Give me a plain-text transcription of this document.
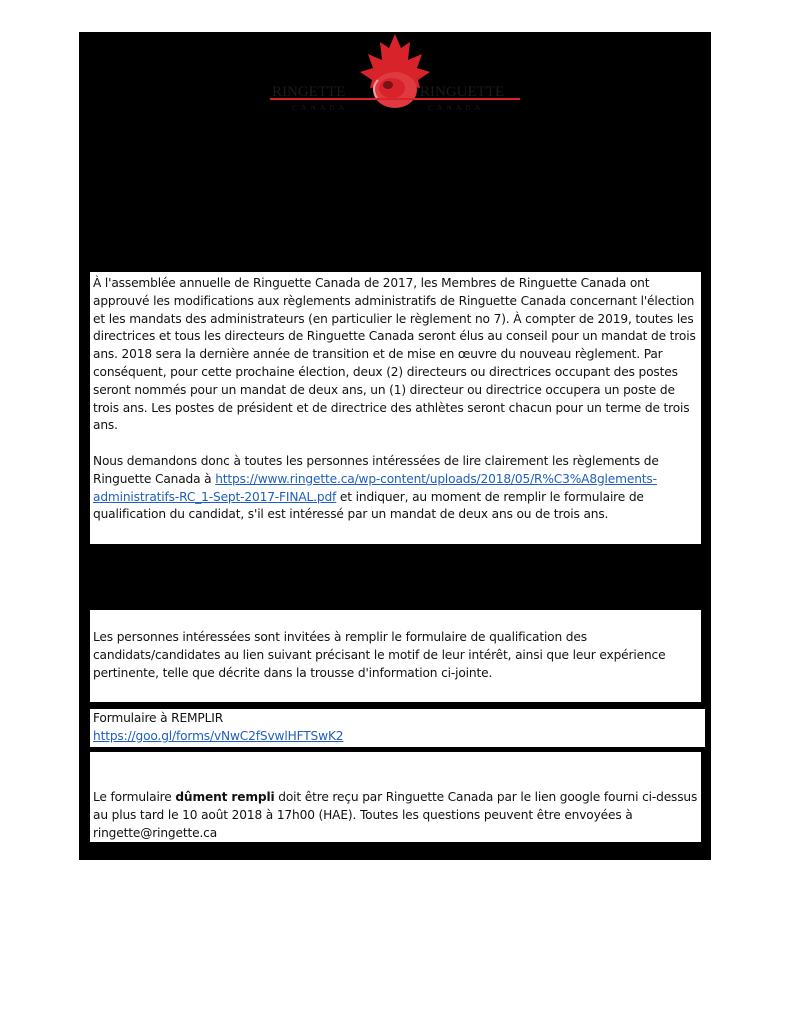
RINGETTE
CANADA
RINGUETTE
CANADA

À l'assemblée annuelle de Ringuette Canada de 2017, les Membres de Ringuette Canada ont approuvé les modifications aux règlements administratifs de Ringuette Canada concernant l'élection et les mandats des administrateurs (en particulier le règlement no 7). À compter de 2019, toutes les directrices et tous les directeurs de Ringuette Canada seront élus au conseil pour un mandat de trois ans. 2018 sera la dernière année de transition et de mise en œuvre du nouveau règlement. Par conséquent, pour cette prochaine élection, deux (2) directeurs ou directrices occupant des postes seront nommés pour un mandat de deux ans, un (1) directeur ou directrice occupera un poste de trois ans. Les postes de président et de directrice des athlètes seront chacun pour un terme de trois ans.

Nous demandons donc à toutes les personnes intéressées de lire clairement les règlements de Ringuette Canada à https://www.ringette.ca/wp-content/uploads/2018/05/R%C3%A8glements-administratifs-RC_1-Sept-2017-FINAL.pdf et indiquer, au moment de remplir le formulaire de qualification du candidat, s'il est intéressé par un mandat de deux ans ou de trois ans.

Les personnes intéressées sont invitées à remplir le formulaire de qualification des candidats/candidates au lien suivant précisant le motif de leur intérêt, ainsi que leur expérience pertinente, telle que décrite dans la trousse d'information ci-jointe.

Formulaire à REMPLIR

https://goo.gl/forms/vNwC2fSvwlHFTSwK2

Le formulaire dûment rempli doit être reçu par Ringuette Canada par le lien google fourni ci-dessus au plus tard le 10 août 2018 à 17h00 (HAE). Toutes les questions peuvent être envoyées à ringette@ringette.ca
